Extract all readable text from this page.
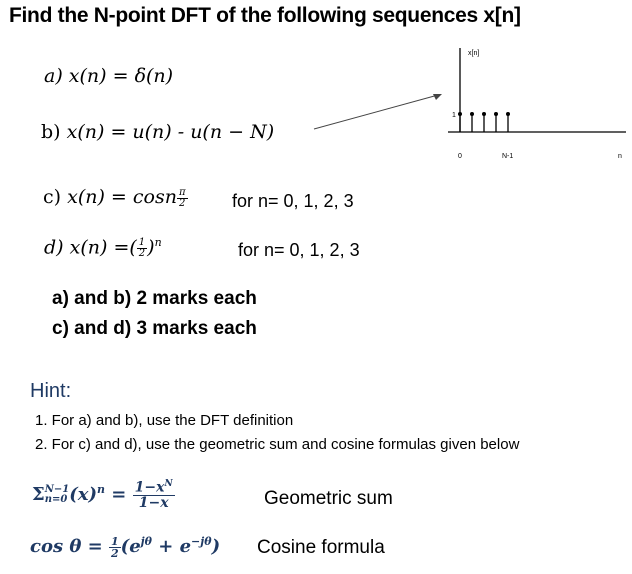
Find the N-point DFT of the following sequences x[n]
a) x(n) = δ(n)
b) x(n) = u(n) - u(n − N)
c) x(n) = cosn $\frac{\pi}{2}$ for n= 0, 1, 2, 3
d) x(n) =( $\frac{1}{2} )^n$	for n= 0, 1, 2, 3
a) and b) 2 marks each
c) and d) 3 marks each
Hint:
1. For a) and b), use the DFT definition
2. For c) and d), use the geometric sum and cosine formulas given below
Σ N−1
n=0 $(x)^n = \frac{1-x^N}{1-x}$	Geometric sum
$\cos \theta = \frac{1}{2} (e^{j\theta} + e^{-j\theta})$ Cosine formula
x[n]
1
0	N-1	n
